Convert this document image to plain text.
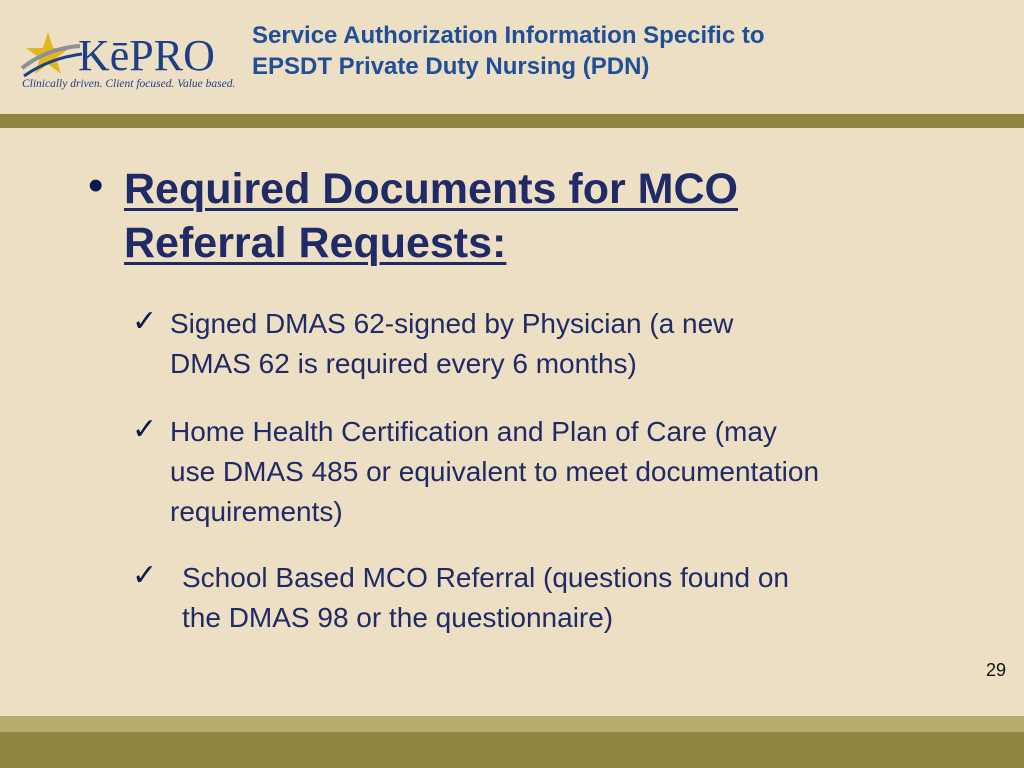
KēPRO
Clinically driven. Client focused. Value based.
Service Authorization Information Specific to
EPSDT Private Duty Nursing (PDN)
• Required Documents for MCO
Referral Requests:
✓ Signed DMAS 62-signed by Physician (a new
DMAS 62 is required every 6 months)
✓ Home Health Certification and Plan of Care (may
use DMAS 485 or equivalent to meet documentation
requirements)
✓ School Based MCO Referral (questions found on
the DMAS 98 or the questionnaire)
29
